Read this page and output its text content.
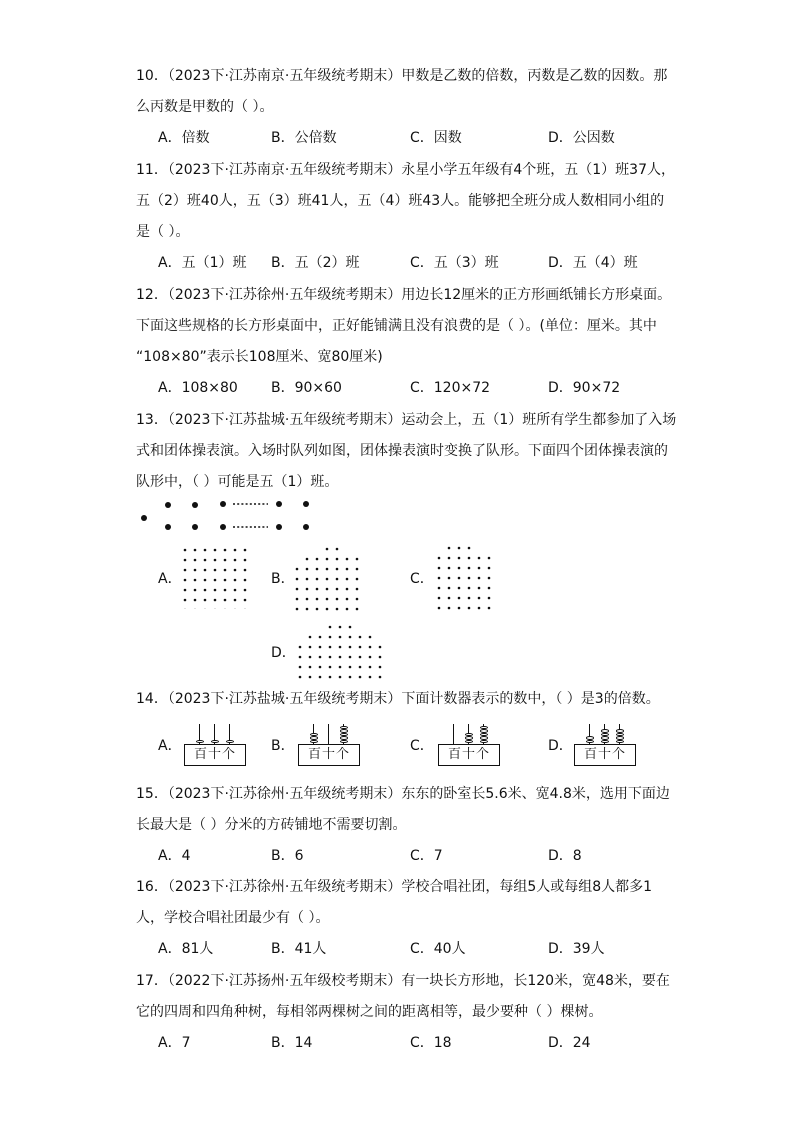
10．（2023下·江苏南京·五年级统考期末）甲数是乙数的倍数，丙数是乙数的因数。那
么丙数是甲数的（ ）。
A．倍数	B．公倍数	C．因数	D．公因数
11．（2023下·江苏南京·五年级统考期末）永星小学五年级有4个班，五（1）班37人，
五（2）班40人，五（3）班41人，五（4）班43人。能够把全班分成人数相同小组的
是（ ）。
A．五（1）班 B．五（2）班	C．五（3）班	D．五（4）班
12．（2023下·江苏徐州·五年级统考期末）用边长12厘米的正方形画纸铺长方形桌面。
下面这些规格的长方形桌面中，正好能铺满且没有浪费的是（ ）。(单位：厘米。其中
“108×80”表示长108厘米、宽80厘米)
A．108×80 B．90×60	C．120×72	D．90×72
13．（2023下·江苏盐城·五年级统考期末）运动会上，五（1）班所有学生都参加了入场
式和团体操表演。入场时队列如图，团体操表演时变换了队形。下面四个团体操表演的
队形中，（ ）可能是五（1）班。
A．	B．	C．
D．
14．（2023下·江苏盐城·五年级统考期末）下面计数器表示的数中，（ ）是3的倍数。
A．	B．	C．	D．
百十个	百十个	百十个	百十个
15．（2023下·江苏徐州·五年级统考期末）东东的卧室长5.6米、宽4.8米，选用下面边
长最大是（ ）分米的方砖铺地不需要切割。
A．4	B．6	C．7	D．8
16．（2023下·江苏徐州·五年级统考期末）学校合唱社团，每组5人或每组8人都多1
人，学校合唱社团最少有（ ）。
A．81人	B．41人	C．40人	D．39人
17．（2022下·江苏扬州·五年级校考期末）有一块长方形地，长120米，宽48米，要在
它的四周和四角种树，每相邻两棵树之间的距离相等，最少要种（ ）棵树。
A．7	B．14	C．18	D．24
